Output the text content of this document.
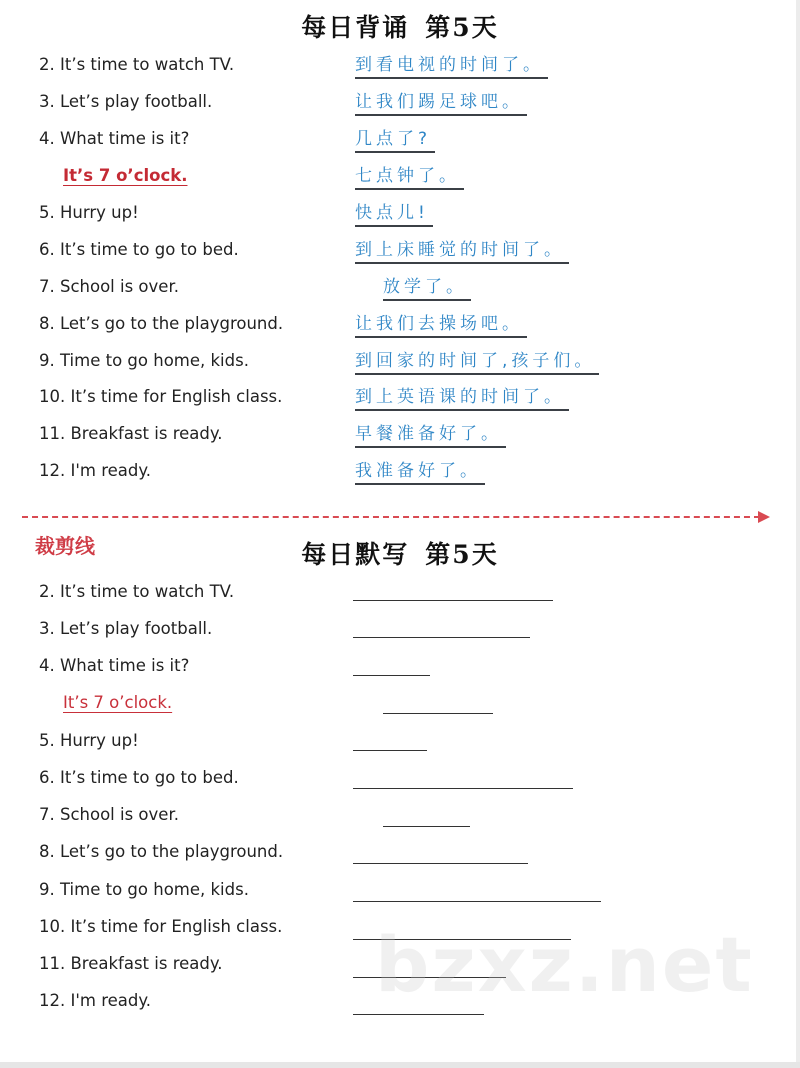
每日背诵 第5天
2. It’s time to watch TV.	到看电视的时间了。
3. Let’s play football.	让我们踢足球吧。
4. What time is it?	几点了?
It’s 7 o’clock.	七点钟了。
5. Hurry up!	快点儿!
6. It’s time to go to bed.	到上床睡觉的时间了。
7. School is over.	放学了。
8. Let’s go to the playground.	让我们去操场吧。
9. Time to go home, kids.	到回家的时间了,孩子们。
10. It’s time for English class.	到上英语课的时间了。
11. Breakfast is ready.	早餐准备好了。
12. I'm ready.	我准备好了。
裁剪线	每日默写 第5天
2. It’s time to watch TV.
3. Let’s play football.
4. What time is it?
It’s 7 o’clock.
5. Hurry up!
6. It’s time to go to bed.
7. School is over.
8. Let’s go to the playground.
9. Time to go home, kids.
10. It’s time for English class.
11. Breakfast is ready.
12. I'm ready.	bzxz.net
